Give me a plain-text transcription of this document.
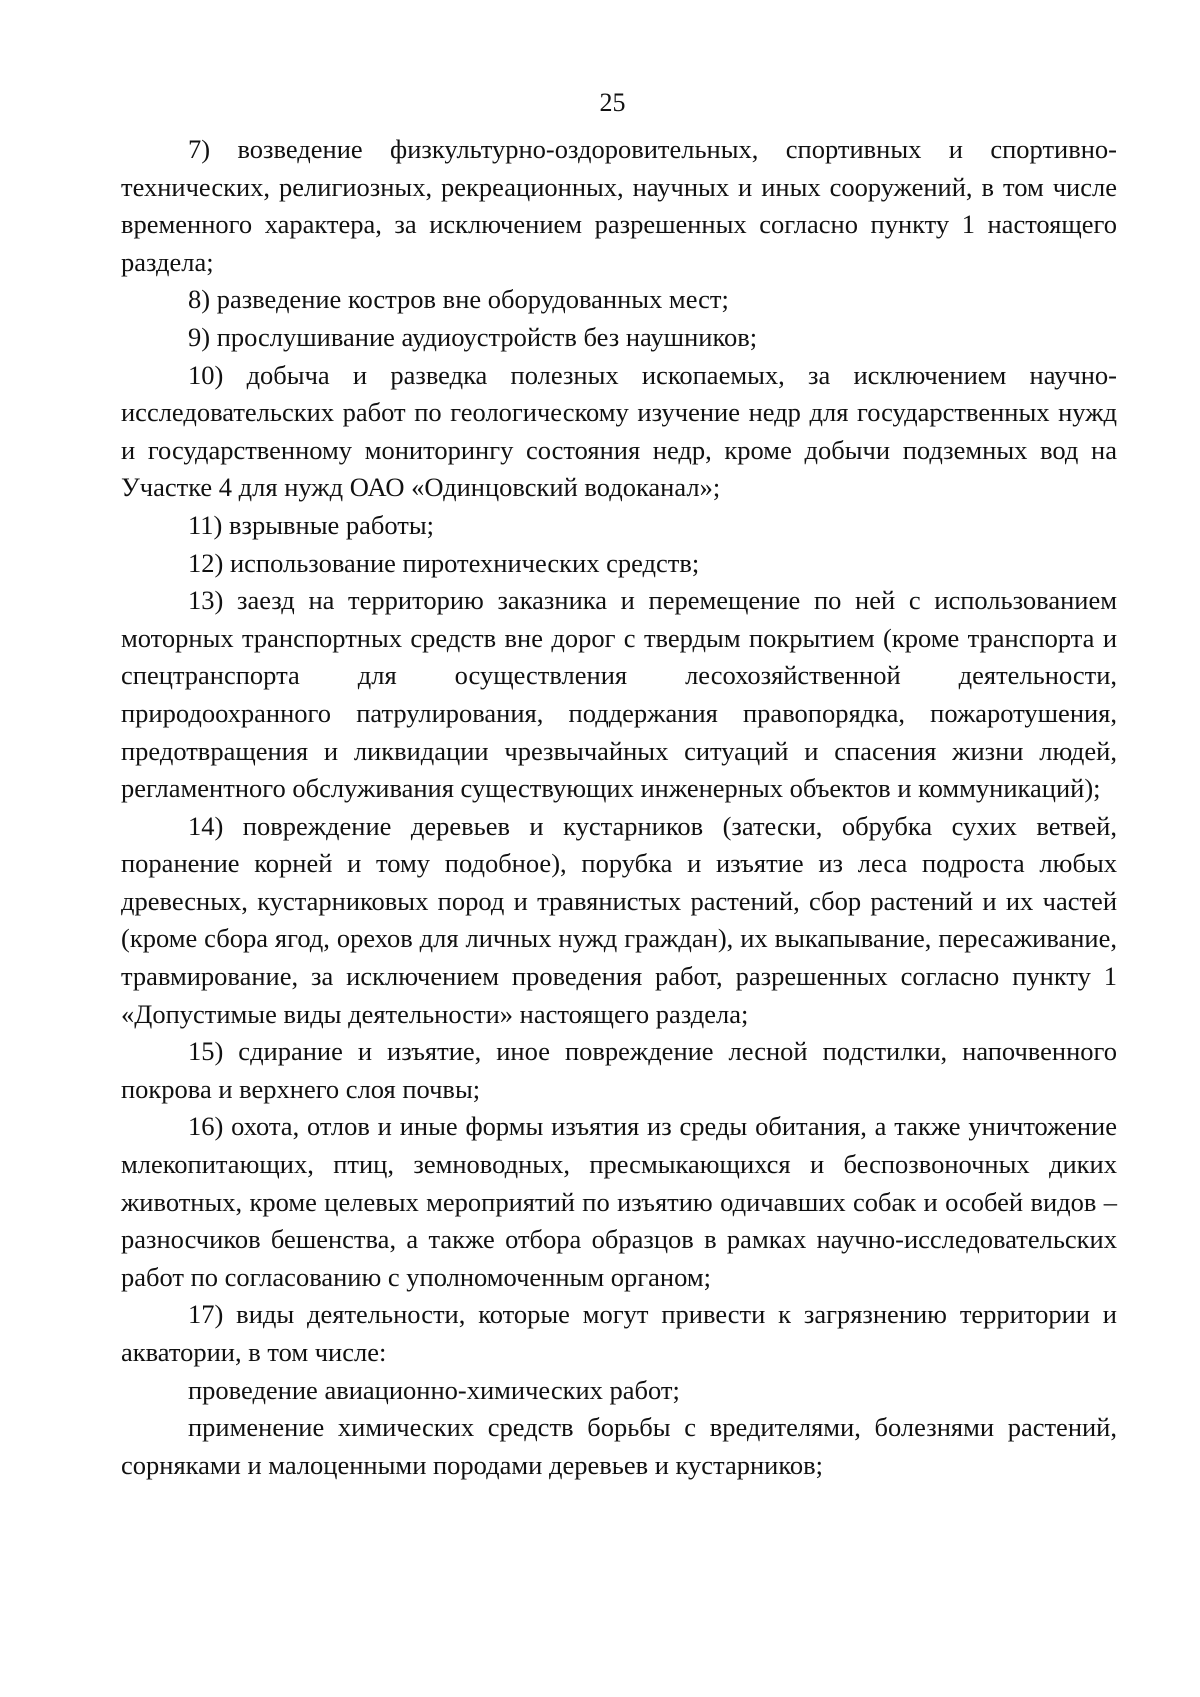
25

7) возведение физкультурно-оздоровительных, спортивных и спортивно-технических, религиозных, рекреационных, научных и иных сооружений, в том числе временного характера, за исключением разрешенных согласно пункту 1 настоящего раздела;

8) разведение костров вне оборудованных мест;

9) прослушивание аудиоустройств без наушников;

10) добыча и разведка полезных ископаемых, за исключением научно-исследовательских работ по геологическому изучение недр для государственных нужд и государственному мониторингу состояния недр, кроме добычи подземных вод на Участке 4 для нужд ОАО «Одинцовский водоканал»;

11) взрывные работы;

12) использование пиротехнических средств;

13) заезд на территорию заказника и перемещение по ней с использованием моторных транспортных средств вне дорог с твердым покрытием (кроме транспорта и спецтранспорта для осуществления лесохозяйственной деятельности, природоохранного патрулирования, поддержания правопорядка, пожаротушения, предотвращения и ликвидации чрезвычайных ситуаций и спасения жизни людей, регламентного обслуживания существующих инженерных объектов и коммуникаций);

14) повреждение деревьев и кустарников (затески, обрубка сухих ветвей, поранение корней и тому подобное), порубка и изъятие из леса подроста любых древесных, кустарниковых пород и травянистых растений, сбор растений и их частей (кроме сбора ягод, орехов для личных нужд граждан), их выкапывание, пересаживание, травмирование, за исключением проведения работ, разрешенных согласно пункту 1 «Допустимые виды деятельности» настоящего раздела;

15) сдирание и изъятие, иное повреждение лесной подстилки, напочвенного покрова и верхнего слоя почвы;

16) охота, отлов и иные формы изъятия из среды обитания, а также уничтожение млекопитающих, птиц, земноводных, пресмыкающихся и беспозвоночных диких животных, кроме целевых мероприятий по изъятию одичавших собак и особей видов – разносчиков бешенства, а также отбора образцов в рамках научно-исследовательских работ по согласованию с уполномоченным органом;

17) виды деятельности, которые могут привести к загрязнению территории и акватории, в том числе:

проведение авиационно-химических работ;

применение химических средств борьбы с вредителями, болезнями растений, сорняками и малоценными породами деревьев и кустарников;
